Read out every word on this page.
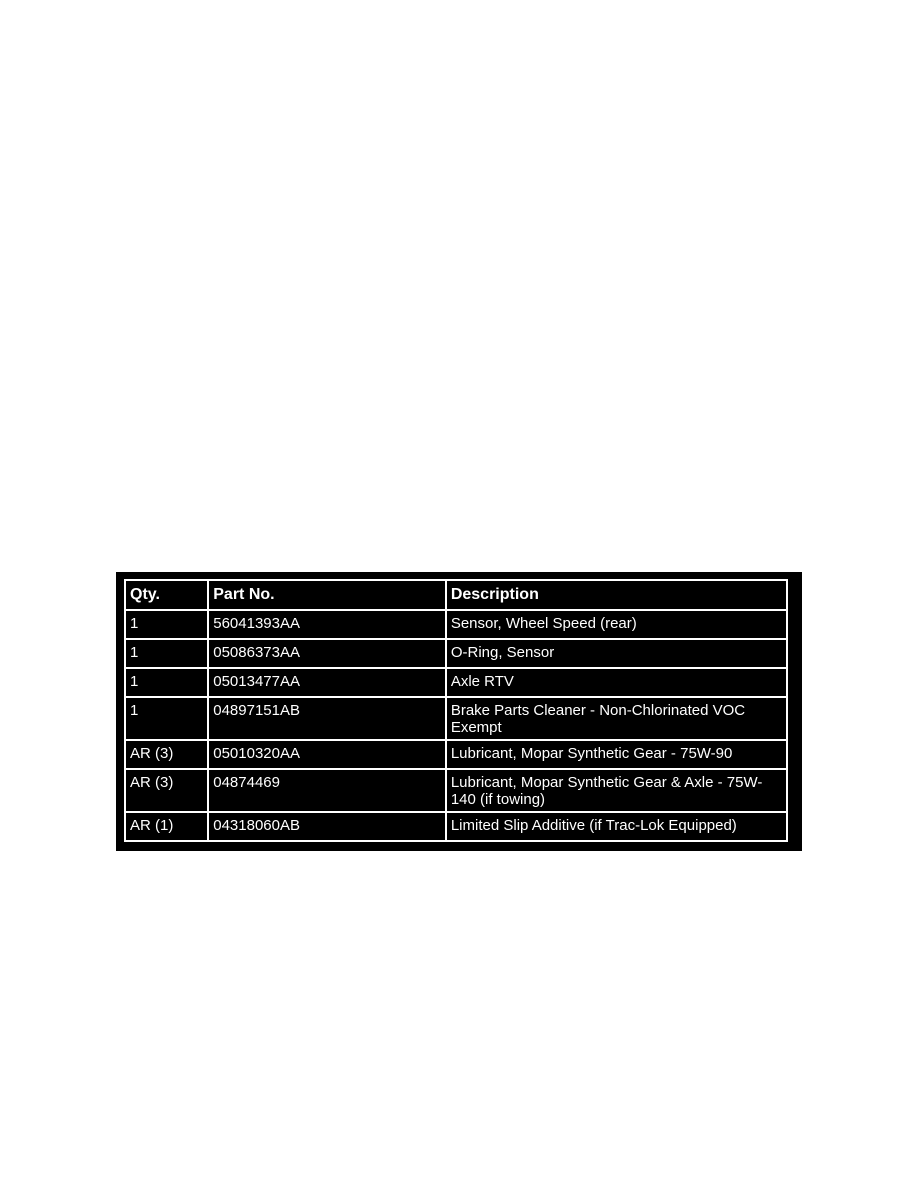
Qty.	Part No.	Description
1	56041393AA	Sensor, Wheel Speed (rear)
1	05086373AA	O-Ring, Sensor
1	05013477AA	Axle RTV
1	04897151AB	Brake Parts Cleaner - Non-Chlorinated VOC Exempt
AR (3)	05010320AA	Lubricant, Mopar Synthetic Gear - 75W-90
AR (3)	04874469	Lubricant, Mopar Synthetic Gear & Axle - 75W-140 (if towing)
AR (1)	04318060AB	Limited Slip Additive (if Trac-Lok Equipped)
